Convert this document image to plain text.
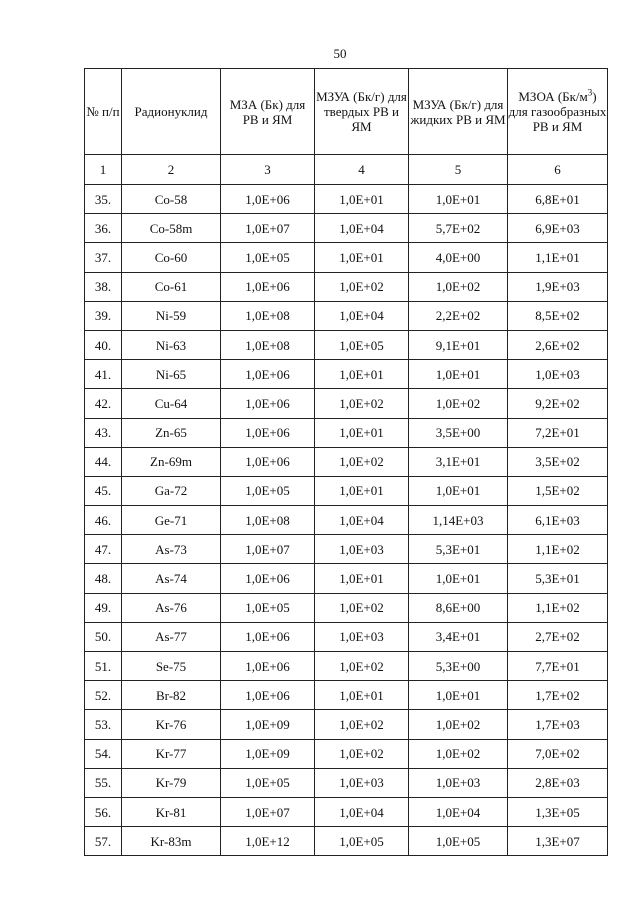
50
№ п/п	Радионуклид	МЗА (Бк) для РВ и ЯМ	МЗУА (Бк/г) для твердых РВ и ЯМ	МЗУА (Бк/г) для жидких РВ и ЯМ	МЗОА $(Бк/м^3)$ для газообразных РВ и ЯМ
1	2	3	4	5	6
35.	Co-58	1,0E+06	1,0E+01	1,0E+01	6,8E+01
36.	Co-58m	1,0E+07	1,0E+04	5,7E+02	6,9E+03
37.	Co-60	1,0E+05	1,0E+01	4,0E+00	1,1E+01
38.	Co-61	1,0E+06	1,0E+02	1,0E+02	1,9E+03
39.	Ni-59	1,0E+08	1,0E+04	2,2E+02	8,5E+02
40.	Ni-63	1,0E+08	1,0E+05	9,1E+01	2,6E+02
41.	Ni-65	1,0E+06	1,0E+01	1,0E+01	1,0E+03
42.	Cu-64	1,0E+06	1,0E+02	1,0E+02	9,2E+02
43.	Zn-65	1,0E+06	1,0E+01	3,5E+00	7,2E+01
44.	Zn-69m	1,0E+06	1,0E+02	3,1E+01	3,5E+02
45.	Ga-72	1,0E+05	1,0E+01	1,0E+01	1,5E+02
46.	Ge-71	1,0E+08	1,0E+04	1,14E+03	6,1E+03
47.	As-73	1,0E+07	1,0E+03	5,3E+01	1,1E+02
48.	As-74	1,0E+06	1,0E+01	1,0E+01	5,3E+01
49.	As-76	1,0E+05	1,0E+02	8,6E+00	1,1E+02
50.	As-77	1,0E+06	1,0E+03	3,4E+01	2,7E+02
51.	Se-75	1,0E+06	1,0E+02	5,3E+00	7,7E+01
52.	Br-82	1,0E+06	1,0E+01	1,0E+01	1,7E+02
53.	Kr-76	1,0E+09	1,0E+02	1,0E+02	1,7E+03
54.	Kr-77	1,0E+09	1,0E+02	1,0E+02	7,0E+02
55.	Kr-79	1,0E+05	1,0E+03	1,0E+03	2,8E+03
56.	Kr-81	1,0E+07	1,0E+04	1,0E+04	1,3E+05
57.	Kr-83m	1,0E+12	1,0E+05	1,0E+05	1,3E+07
